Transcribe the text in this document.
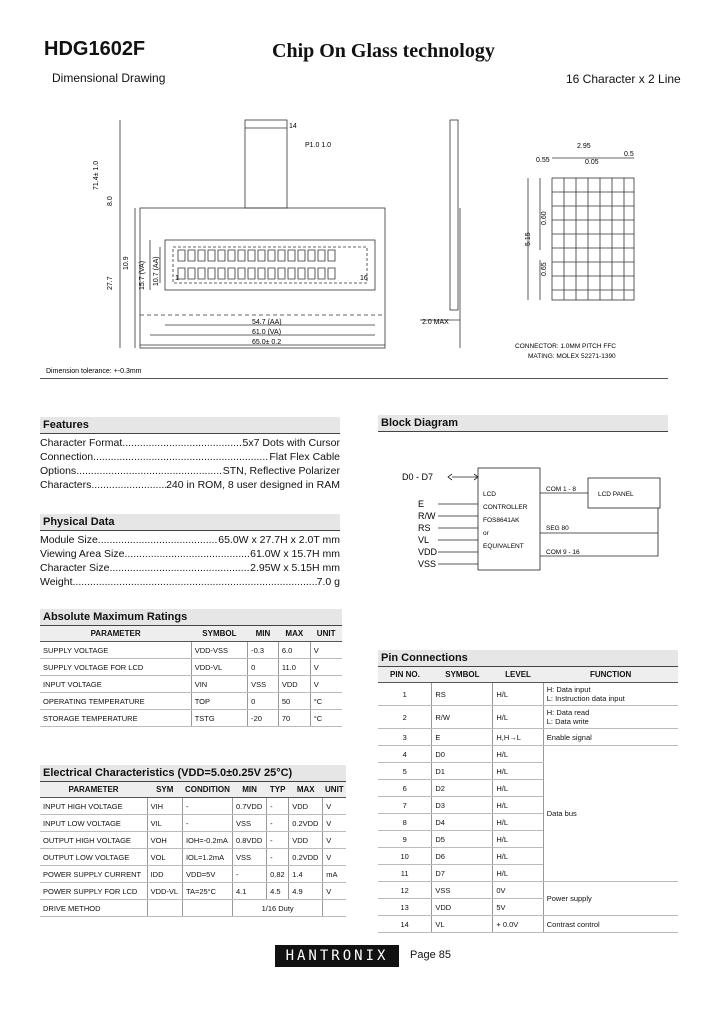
HDG1602F	Chip On Glass technology
Dimensional Drawing	16 Character x 2 Line
14
P1.0 1.0
1	16
54.7 (AA)
61.0 (VA)
65.0± 0.2
2.0 MAX
71.4± 1.0
8.0
27.7
10.9 15.7 (VA) 10.7 (AA)
2.95
0.55	0.05
0.5
0.60
5.15
0.65
CONNECTOR: 1.0MM PITCH FFC
MATING: MOLEX 52271-1390
Dimension tolerance: +-0.3mm
Features
Character Format .....	5x7 Dots with Cursor
Connection .....	Flat Flex Cable
Options .....	STN, Reflective Polarizer
Characters .....	240 in ROM, 8 user designed in RAM
Physical Data
Module Size .....	65.0W x 27.7H x 2.0T mm
Viewing Area Size .....	61.0W x 15.7H mm
Character Size .....	2.95W x 5.15H mm
Weight .....	7.0 g
Absolute Maximum Ratings
PARAMETER	SYMBOL	MIN	MAX	UNIT
SUPPLY VOLTAGE	VDD-VSS	-0.3	6.0	V
SUPPLY VOLTAGE FOR LCD	VDD-VL	0	11.0	V
INPUT VOLTAGE	VIN	VSS	VDD	V
OPERATING TEMPERATURE	TOP	0	50	°C
STORAGE TEMPERATURE	TSTG	-20	70	°C
Electrical Characteristics (VDD=5.0±0.25V 25°C)
PARAMETER	SYM	CONDITION	MIN	TYP	MAX	UNIT
INPUT HIGH VOLTAGE	VIH	-	0.7VDD	-	VDD	V
INPUT LOW VOLTAGE	VIL	-	VSS	-	0.2VDD	V
OUTPUT HIGH VOLTAGE	VOH	IOH=-0.2mA	0.8VDD	-	VDD	V
OUTPUT LOW VOLTAGE	VOL	IOL=1.2mA	VSS	-	0.2VDD	V
POWER SUPPLY CURRENT	IDD	VDD=5V	-	0.82	1.4	mA
POWER SUPPLY FOR LCD	VDD-VL	TA=25°C	4.1	4.5	4.9	V
DRIVE METHOD			1/16 Duty			
Block Diagram
D0 - D7
E
R/W
RS
VL
VDD
VSS
LCD
CONTROLLER
FOS8641AK
or
EQUIVALENT
COM 1 - 8
SEG 80
COM 9 - 16
LCD PANEL
Pin Connections
PIN NO.	SYMBOL	LEVEL	FUNCTION
1	RS	H/L	H: Data input
L: Instruction data input
2	R/W	H/L	H: Data read
L: Data write
3	E	H,H→L	Enable signal
4	D0	H/L	Data bus
5	D1	H/L	
6	D2	H/L	
7	D3	H/L	
8	D4	H/L	
9	D5	H/L	
10	D6	H/L	
11	D7	H/L	
12	VSS	0V	Power supply
13	VDD	5V	
14	VL	+ 0.0V	Contrast control
HANTRONIX	Page 85
